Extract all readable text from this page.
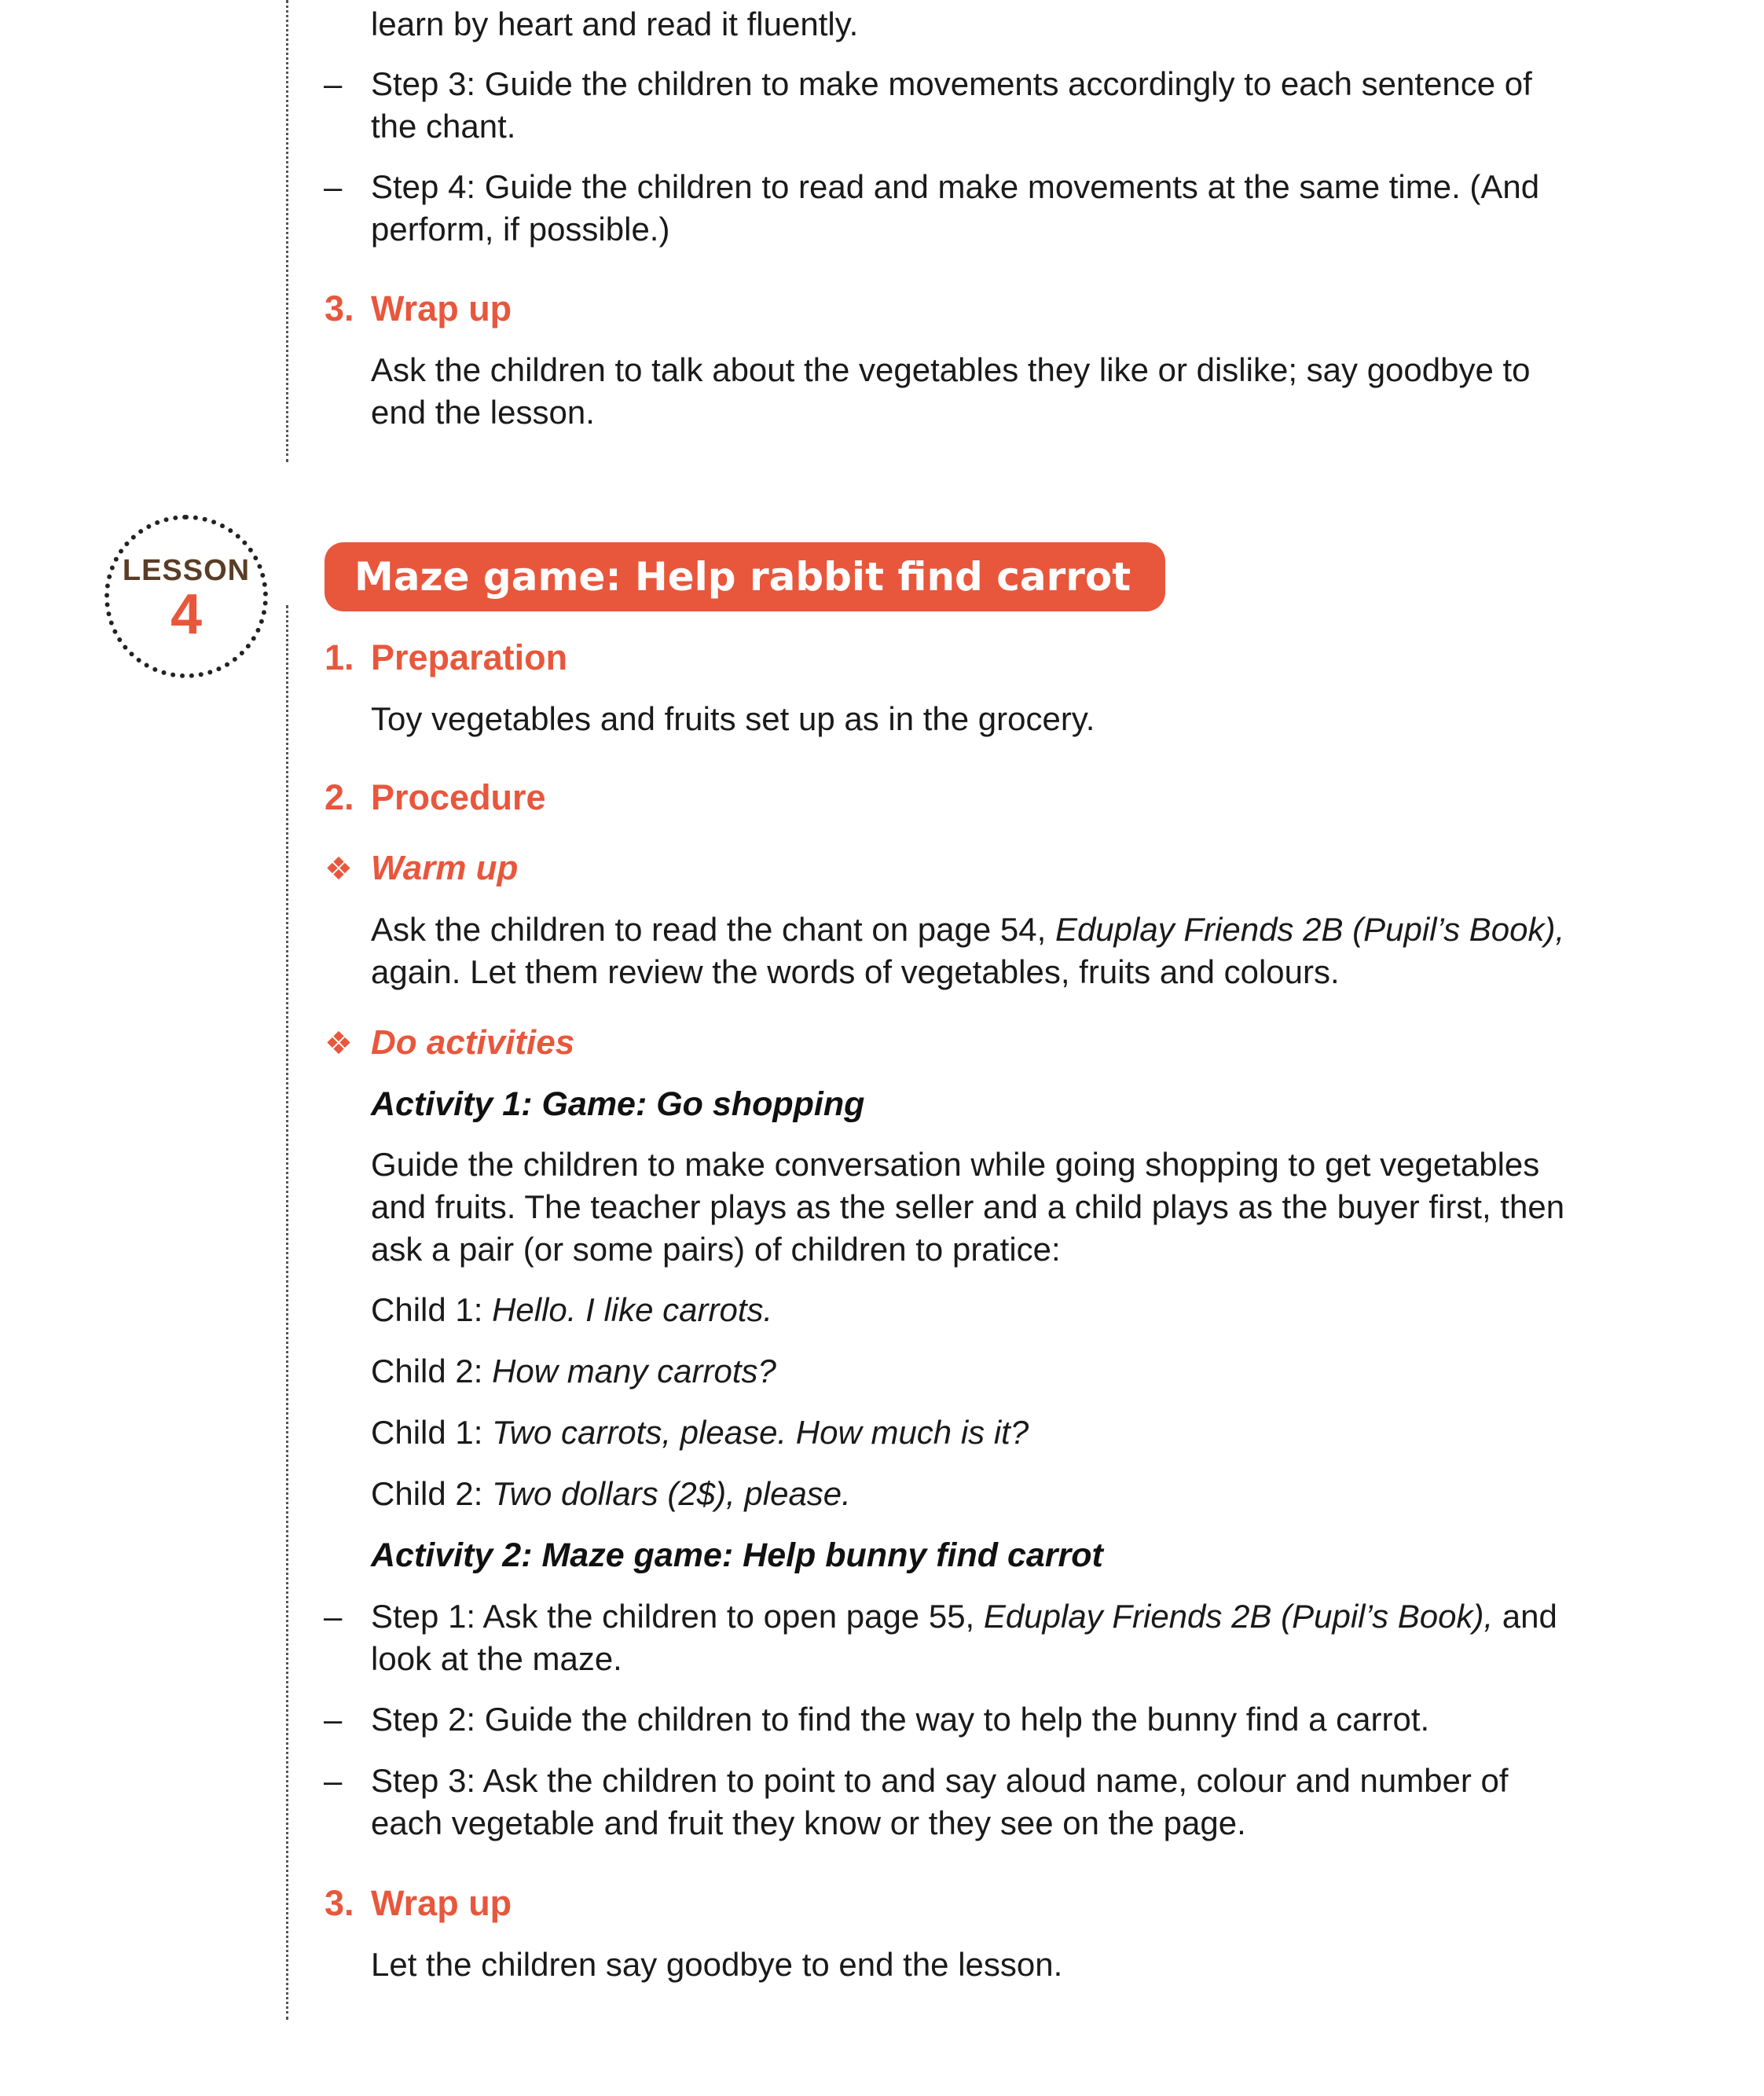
learn by heart and read it fluently.
– Step 3: Guide the children to make movements accordingly to each sentence of
the chant.
– Step 4: Guide the children to read and make movements at the same time. (And
perform, if possible.)
3. Wrap up
Ask the children to talk about the vegetables they like or dislike; say goodbye to
end the lesson.
LESSON
4
Maze game: Help rabbit find carrot
1. Preparation
Toy vegetables and fruits set up as in the grocery.
2. Procedure
❖ Warm up
Ask the children to read the chant on page 54, Eduplay Friends 2B (Pupil’s Book),
again. Let them review the words of vegetables, fruits and colours.
❖ Do activities
Activity 1: Game: Go shopping
Guide the children to make conversation while going shopping to get vegetables
and fruits. The teacher plays as the seller and a child plays as the buyer first, then
ask a pair (or some pairs) of children to pratice:
Child 1: Hello. I like carrots.
Child 2: How many carrots?
Child 1: Two carrots, please. How much is it?
Child 2: Two dollars (2$), please.
Activity 2: Maze game: Help bunny find carrot
– Step 1: Ask the children to open page 55, Eduplay Friends 2B (Pupil’s Book), and
look at the maze.
– Step 2: Guide the children to find the way to help the bunny find a carrot.
– Step 3: Ask the children to point to and say aloud name, colour and number of
each vegetable and fruit they know or they see on the page.
3. Wrap up
Let the children say goodbye to end the lesson.
